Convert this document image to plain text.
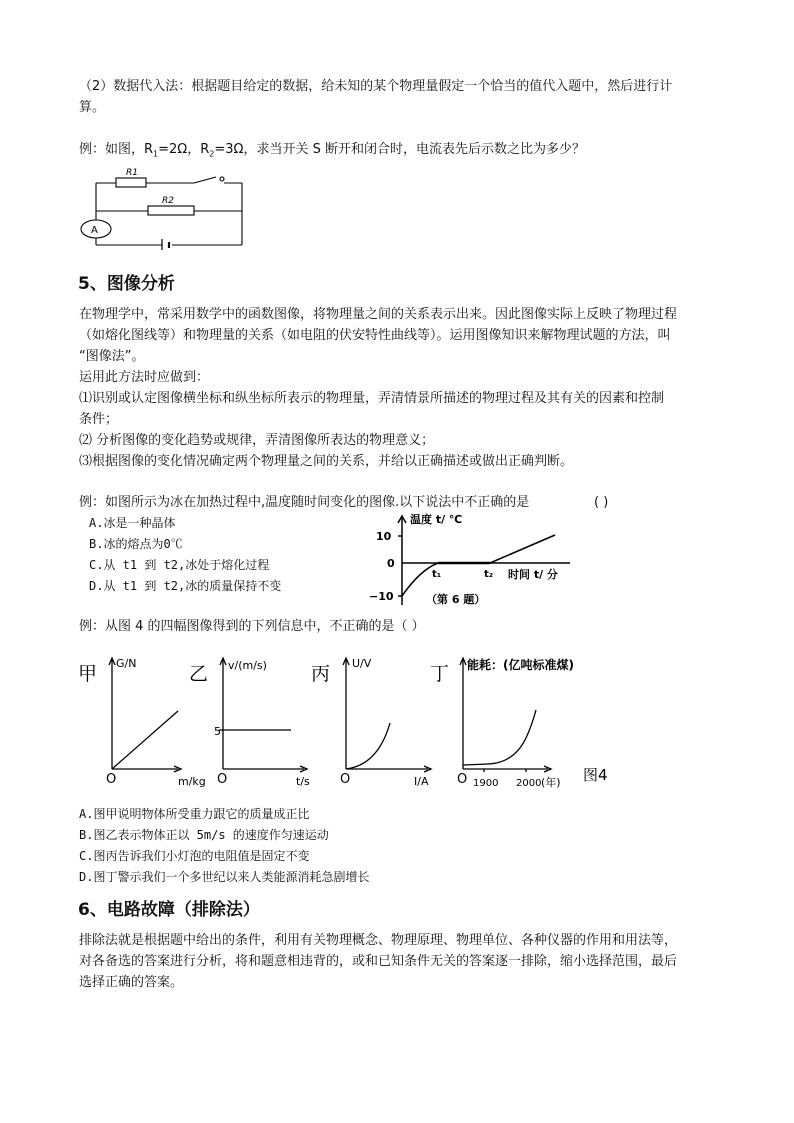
（2）数据代入法：根据题目给定的数据，给未知的某个物理量假定一个恰当的值代入题中，然后进行计
算。
例：如图，$R_1=2\Omega$，$R_2=3\Omega$，求当开关 S 断开和闭合时，电流表先后示数之比为多少？
R1
R2
A
5、图像分析
在物理学中，常采用数学中的函数图像，将物理量之间的关系表示出来。因此图像实际上反映了物理过程
（如熔化图线等）和物理量的关系（如电阻的伏安特性曲线等）。运用图像知识来解物理试题的方法，叫
“图像法”。
运用此方法时应做到：
⑴识别或认定图像横坐标和纵坐标所表示的物理量，弄清情景所描述的物理过程及其有关的因素和控制
条件；
⑵ 分析图像的变化趋势或规律，弄清图像所表达的物理意义；
⑶根据图像的变化情况确定两个物理量之间的关系，并给以正确描述或做出正确判断。
例：如图所示为冰在加热过程中,温度随时间变化的图像.以下说法中不正确的是	( )
A.冰是一种晶体
B.冰的熔点为0℃
C.从 t1 到 t2,冰处于熔化过程
D.从 t1 到 t2,冰的质量保持不变
温度 t/ ℃
10
0
−10
t₁	t₂ 时间 t/ 分
（第 6 题）
例：从图 4 的四幅图像得到的下列信息中，不正确的是（ ）
甲 G/N
O	m/kg
乙 v/(m/s)
5
O	t/s
丙 U/V
O	I/A
丁 能耗：(亿吨标准煤)
O 1900 2000 (年) 图4
A.图甲说明物体所受重力跟它的质量成正比
B.图乙表示物体正以 5m/s 的速度作匀速运动
C.图丙告诉我们小灯泡的电阻值是固定不变
D.图丁警示我们一个多世纪以来人类能源消耗急剧增长
6、电路故障（排除法）
排除法就是根据题中给出的条件，利用有关物理概念、物理原理、物理单位、各种仪器的作用和用法等，
对各备选的答案进行分析，将和题意相违背的，或和已知条件无关的答案逐一排除，缩小选择范围，最后
选择正确的答案。
